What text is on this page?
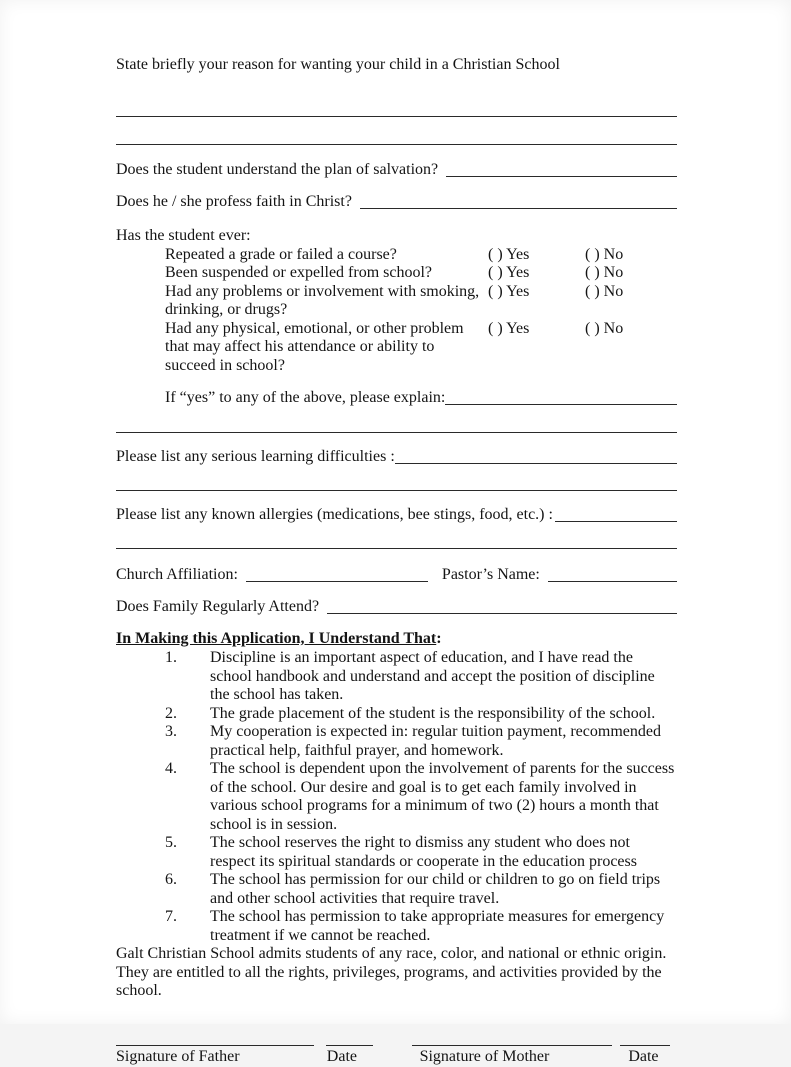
State briefly your reason for wanting your child in a Christian School
Does the student understand the plan of salvation?
Does he / she profess faith in Christ?
Has the student ever:
Repeated a grade or failed a course?	( ) Yes	( ) No
Been suspended or expelled from school?	( ) Yes	( ) No
Had any problems or involvement with smoking, drinking, or drugs?
( ) Yes	( ) No
Had any physical, emotional, or other problem that may affect his attendance or ability to succeed in school?
( ) Yes	( ) No
If “yes” to any of the above, please explain:
Please list any serious learning difficulties :
Please list any known allergies (medications, bee stings, food, etc.) :
Church Affiliation:	Pastor’s Name:
Does Family Regularly Attend?
In Making this Application, I Understand That:
1.	Discipline is an important aspect of education, and I have read the school handbook and understand and accept the position of discipline the school has taken.
2.	The grade placement of the student is the responsibility of the school.
3.	My cooperation is expected in: regular tuition payment, recommended practical help, faithful prayer, and homework.
4.	The school is dependent upon the involvement of parents for the success of the school. Our desire and goal is to get each family involved in various school programs for a minimum of two (2) hours a month that school is in session.
5.	The school reserves the right to dismiss any student who does not respect its spiritual standards or cooperate in the education process
6.	The school has permission for our child or children to go on field trips and other school activities that require travel.
7.	The school has permission to take appropriate measures for emergency treatment if we cannot be reached.
Galt Christian School admits students of any race, color, and national or ethnic origin. They are entitled to all the rights, privileges, programs, and activities provided by the school.
Signature of Father	Date	Signature of Mother	Date
